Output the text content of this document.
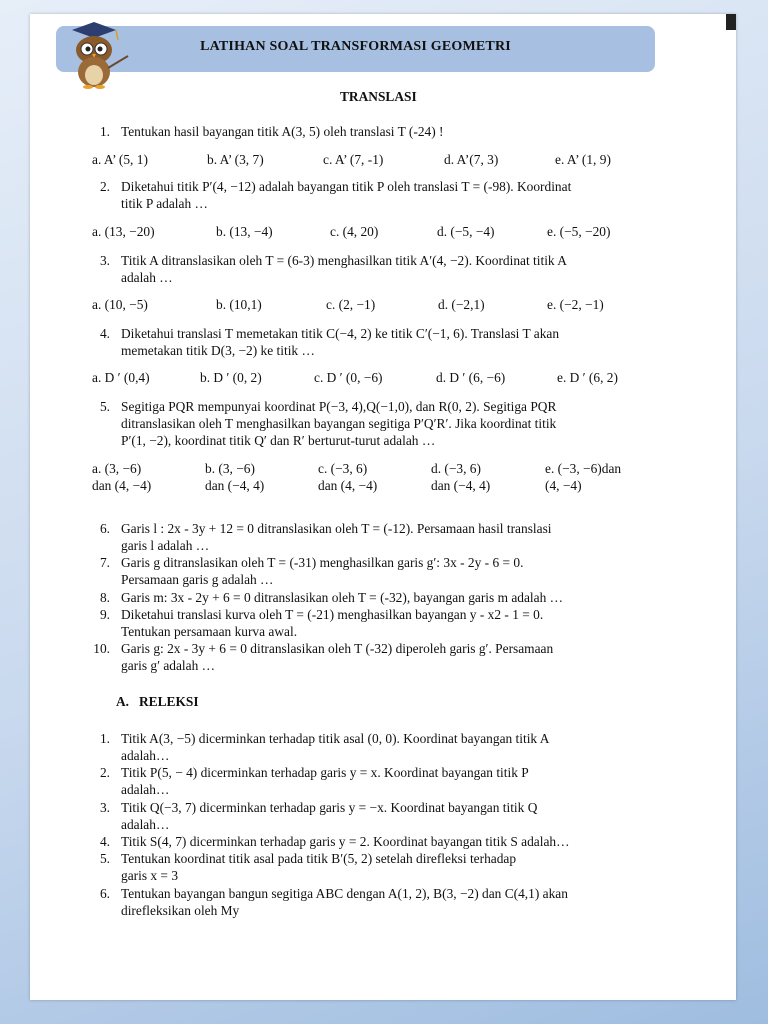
LATIHAN SOAL TRANSFORMASI GEOMETRI
TRANSLASI
1. Tentukan hasil bayangan titik A(3, 5) oleh translasi T (-24) !
a. A’ (5, 1)	b. A’ (3, 7)	c. A’ (7, -1)	d. A’(7, 3)	e. A’ (1, 9)
2. Diketahui titik P′(4, −12) adalah bayangan titik P oleh translasi T = (-98). Koordinat
titik P adalah …
a. (13, −20)	b. (13, −4)	c. (4, 20)	d. (−5, −4)	e. (−5, −20)
3. Titik A ditranslasikan oleh T = (6-3) menghasilkan titik A′(4, −2). Koordinat titik A
adalah …
a. (10, −5)	b. (10,1)	c. (2, −1)	d. (−2,1)	e. (−2, −1)
4. Diketahui translasi T memetakan titik C(−4, 2) ke titik C′(−1, 6). Translasi T akan
memetakan titik D(3, −2) ke titik …
a. D ′ (0,4)	b. D ′ (0, 2)	c. D ′ (0, −6)	d. D ′ (6, −6)	e. D ′ (6, 2)
5. Segitiga PQR mempunyai koordinat P(−3, 4),Q(−1,0), dan R(0, 2). Segitiga PQR
ditranslasikan oleh T menghasilkan bayangan segitiga P′Q′R′. Jika koordinat titik
P′(1, −2), koordinat titik Q′ dan R′ berturut-turut adalah …
a. (3, −6)	b. (3, −6)	c. (−3, 6)	d. (−3, 6)	e. (−3, −6)dan
dan (4, −4)	dan (−4, 4)	dan (4, −4)	dan (−4, 4)	(4, −4)
6. Garis l : 2x - 3y + 12 = 0 ditranslasikan oleh T = (-12). Persamaan hasil translasi
garis l adalah …
7. Garis g ditranslasikan oleh T = (-31) menghasilkan garis g′: 3x - 2y - 6 = 0.
Persamaan garis g adalah …
8. Garis m: 3x - 2y + 6 = 0 ditranslasikan oleh T = (-32), bayangan garis m adalah …
9. Diketahui translasi kurva oleh T = (-21) menghasilkan bayangan y - x2 - 1 = 0.
Tentukan persamaan kurva awal.
10. Garis g: 2x - 3y + 6 = 0 ditranslasikan oleh T (-32) diperoleh garis g′. Persamaan
garis g′ adalah …
A. RELEKSI
1. Titik A(3, −5) dicerminkan terhadap titik asal (0, 0). Koordinat bayangan titik A
adalah…
2. Titik P(5, − 4) dicerminkan terhadap garis y = x. Koordinat bayangan titik P
adalah…
3. Titik Q(−3, 7) dicerminkan terhadap garis y = −x. Koordinat bayangan titik Q
adalah…
4. Titik S(4, 7) dicerminkan terhadap garis y = 2. Koordinat bayangan titik S adalah…
5. Tentukan koordinat titik asal pada titik B′(5, 2) setelah direfleksi terhadap
garis x = 3
6. Tentukan bayangan bangun segitiga ABC dengan A(1, 2), B(3, −2) dan C(4,1) akan
direfleksikan oleh My
